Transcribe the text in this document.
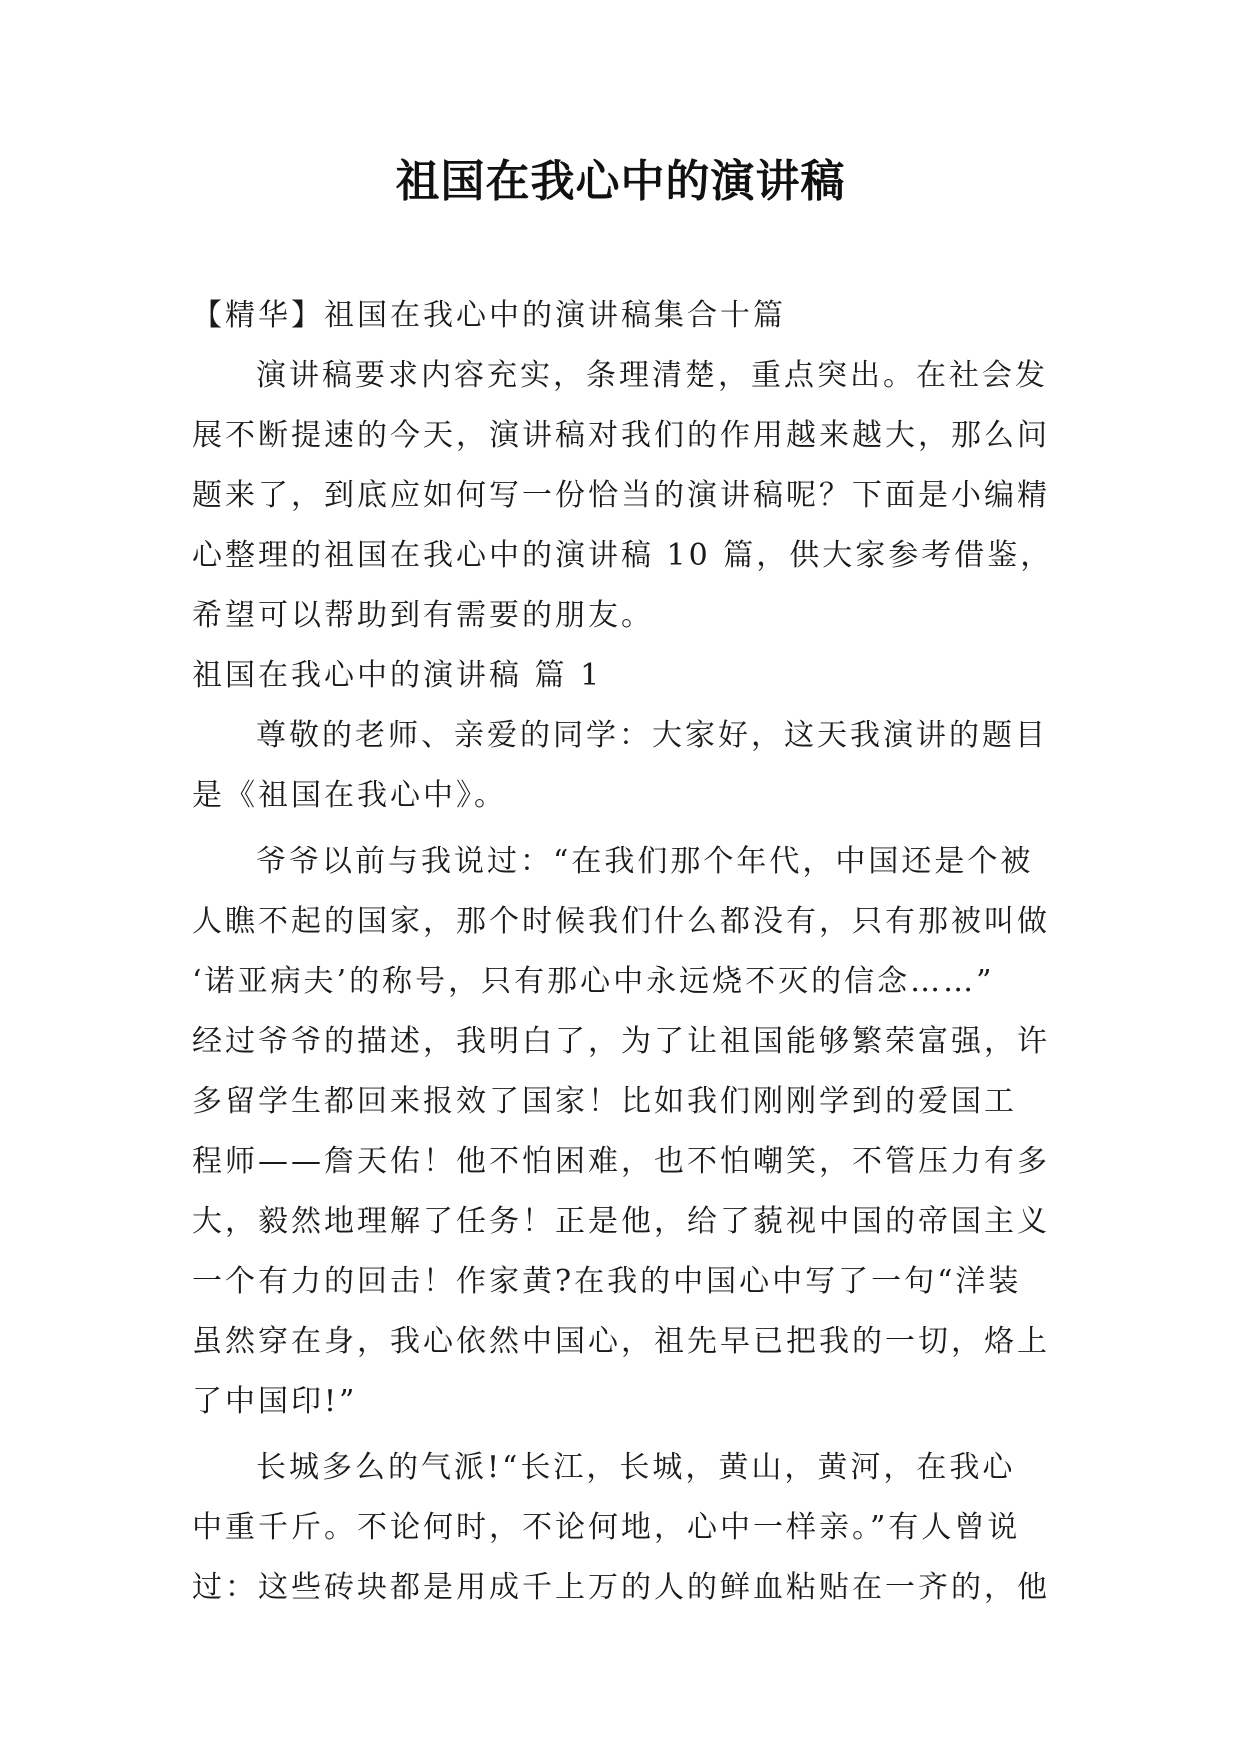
祖国在我心中的演讲稿
【精华】祖国在我心中的演讲稿集合十篇
演讲稿要求内容充实，条理清楚，重点突出。在社会发
展不断提速的今天，演讲稿对我们的作用越来越大，那么问
题来了，到底应如何写一份恰当的演讲稿呢？下面是小编精
心整理的祖国在我心中的演讲稿 10 篇，供大家参考借鉴，
希望可以帮助到有需要的朋友。
祖国在我心中的演讲稿 篇 1
尊敬的老师、亲爱的同学：大家好，这天我演讲的题目
是《祖国在我心中》。
爷爷以前与我说过：“在我们那个年代，中国还是个被
人瞧不起的国家，那个时候我们什么都没有，只有那被叫做
‘诺亚病夫’的称号，只有那心中永远烧不灭的信念……”
经过爷爷的描述，我明白了，为了让祖国能够繁荣富强，许
多留学生都回来报效了国家！比如我们刚刚学到的爱国工
程师——詹天佑！他不怕困难，也不怕嘲笑，不管压力有多
大，毅然地理解了任务！正是他，给了藐视中国的帝国主义
一个有力的回击！作家黄?在我的中国心中写了一句“洋装
虽然穿在身，我心依然中国心，祖先早已把我的一切，烙上
了中国印!”
长城多么的气派!“长江，长城，黄山，黄河，在我心
中重千斤。不论何时，不论何地，心中一样亲。”有人曾说
过：这些砖块都是用成千上万的人的鲜血粘贴在一齐的，他
